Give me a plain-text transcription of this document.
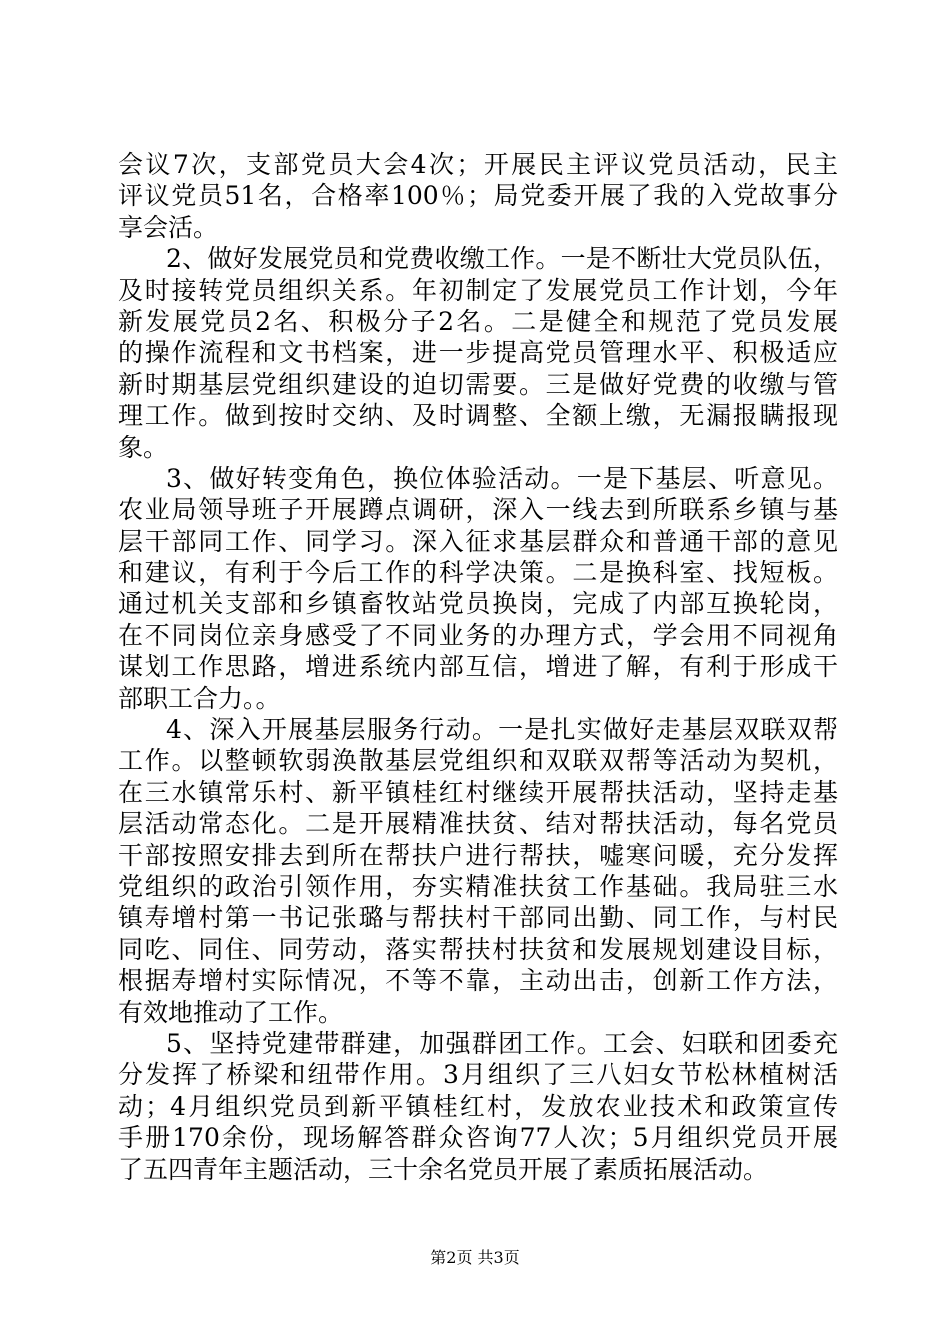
会议7次，支部党员大会4次；开展民主评议党员活动，民主
评议党员51名，合格率100％；局党委开展了我的入党故事分
享会活。
2、做好发展党员和党费收缴工作。一是不断壮大党员队伍，
及时接转党员组织关系。年初制定了发展党员工作计划，今年
新发展党员2名、积极分子2名。二是健全和规范了党员发展
的操作流程和文书档案，进一步提高党员管理水平、积极适应
新时期基层党组织建设的迫切需要。三是做好党费的收缴与管
理工作。做到按时交纳、及时调整、全额上缴，无漏报瞒报现
象。
3、做好转变角色，换位体验活动。一是下基层、听意见。
农业局领导班子开展蹲点调研，深入一线去到所联系乡镇与基
层干部同工作、同学习。深入征求基层群众和普通干部的意见
和建议，有利于今后工作的科学决策。二是换科室、找短板。
通过机关支部和乡镇畜牧站党员换岗，完成了内部互换轮岗，
在不同岗位亲身感受了不同业务的办理方式，学会用不同视角
谋划工作思路，增进系统内部互信，增进了解，有利于形成干
部职工合力。。
4、深入开展基层服务行动。一是扎实做好走基层双联双帮
工作。以整顿软弱涣散基层党组织和双联双帮等活动为契机，
在三水镇常乐村、新平镇桂红村继续开展帮扶活动，坚持走基
层活动常态化。二是开展精准扶贫、结对帮扶活动，每名党员
干部按照安排去到所在帮扶户进行帮扶，嘘寒问暖，充分发挥
党组织的政治引领作用，夯实精准扶贫工作基础。我局驻三水
镇寿增村第一书记张璐与帮扶村干部同出勤、同工作，与村民
同吃、同住、同劳动，落实帮扶村扶贫和发展规划建设目标，
根据寿增村实际情况，不等不靠，主动出击，创新工作方法，
有效地推动了工作。
5、坚持党建带群建，加强群团工作。工会、妇联和团委充
分发挥了桥梁和纽带作用。3月组织了三八妇女节松林植树活
动；4月组织党员到新平镇桂红村，发放农业技术和政策宣传
手册170余份，现场解答群众咨询77人次；5月组织党员开展
了五四青年主题活动，三十余名党员开展了素质拓展活动。
第2页 共3页
